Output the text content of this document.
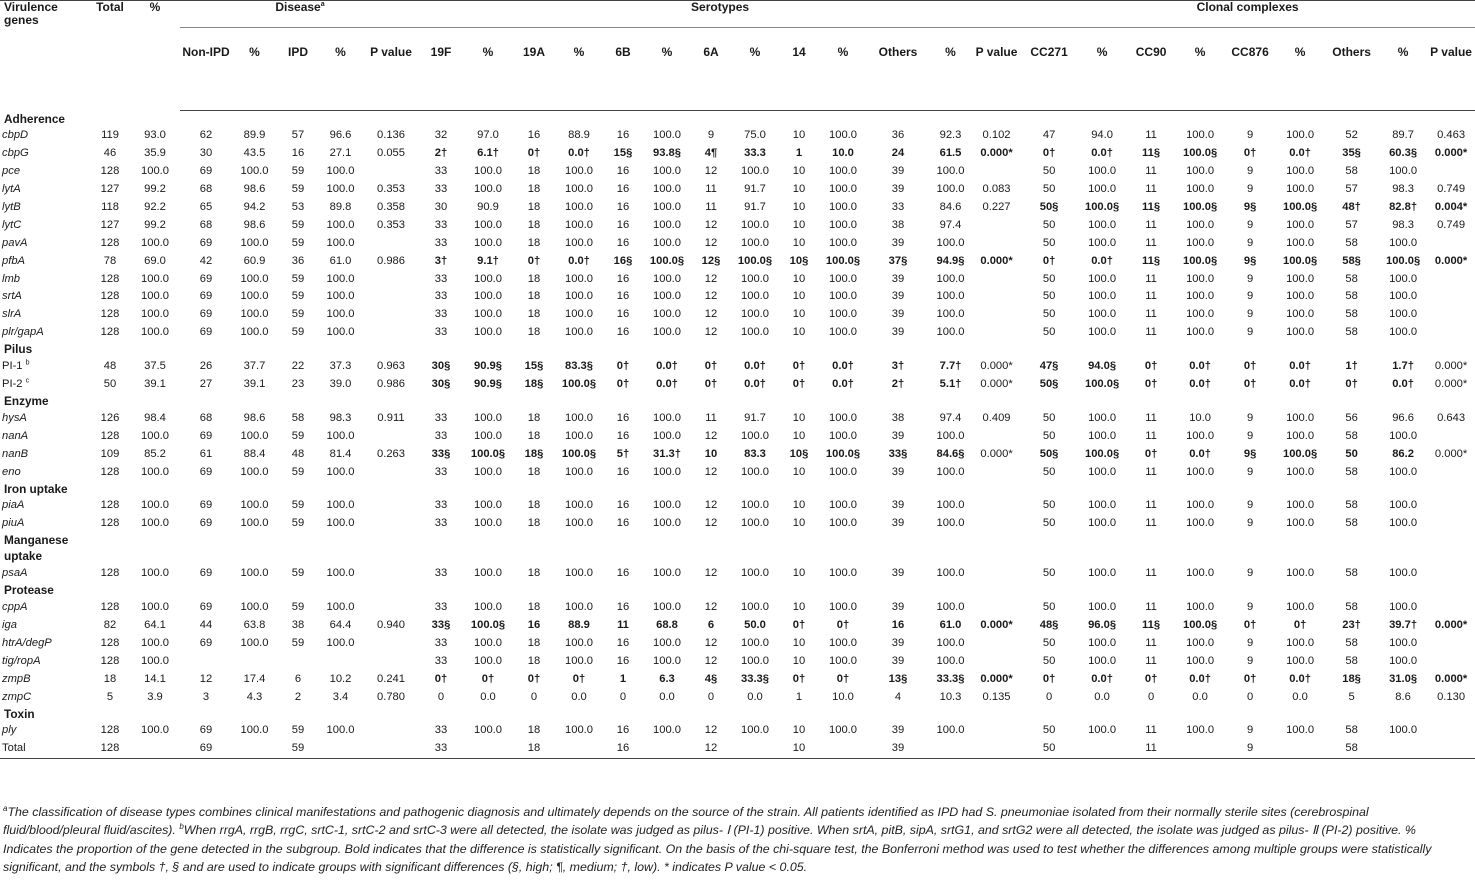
Virulence genes	Total	%	Disease$^a$					Serotypes													Clonal complexes								
			Non-IPD	%	IPD	%	P value	19F	%	19A	%	6B	%	6A	%	14	%	Others	%	P value	CC271	%	CC90	%	CC876	%	Others	%	P value
Adherence																													
cbpD	119	93.0	62	89.9	57	96.6	0.136	32	97.0	16	88.9	16	100.0	9	75.0	10	100.0	36	92.3	0.102	47	94.0	11	100.0	9	100.0	52	89.7	0.463
cbpG	46	35.9	30	43.5	16	27.1	0.055	2†	6.1†	0†	0.0†	15§	93.8§	4¶	33.3	1	10.0	24	61.5	0.000*	0†	0.0†	11§	100.0§	0†	0.0†	35§	60.3§	0.000*
pce	128	100.0	69	100.0	59	100.0		33	100.0	18	100.0	16	100.0	12	100.0	10	100.0	39	100.0		50	100.0	11	100.0	9	100.0	58	100.0	
lytA	127	99.2	68	98.6	59	100.0	0.353	33	100.0	18	100.0	16	100.0	11	91.7	10	100.0	39	100.0	0.083	50	100.0	11	100.0	9	100.0	57	98.3	0.749
lytB	118	92.2	65	94.2	53	89.8	0.358	30	90.9	18	100.0	16	100.0	11	91.7	10	100.0	33	84.6	0.227	50§	100.0§	11§	100.0§	9§	100.0§	48†	82.8†	0.004*
lytC	127	99.2	68	98.6	59	100.0	0.353	33	100.0	18	100.0	16	100.0	12	100.0	10	100.0	38	97.4		50	100.0	11	100.0	9	100.0	57	98.3	0.749
pavA	128	100.0	69	100.0	59	100.0		33	100.0	18	100.0	16	100.0	12	100.0	10	100.0	39	100.0		50	100.0	11	100.0	9	100.0	58	100.0	
pfbA	78	69.0	42	60.9	36	61.0	0.986	3†	9.1†	0†	0.0†	16§	100.0§	12§	100.0§	10§	100.0§	37§	94.9§	0.000*	0†	0.0†	11§	100.0§	9§	100.0§	58§	100.0§	0.000*
lmb	128	100.0	69	100.0	59	100.0		33	100.0	18	100.0	16	100.0	12	100.0	10	100.0	39	100.0		50	100.0	11	100.0	9	100.0	58	100.0	
srtA	128	100.0	69	100.0	59	100.0		33	100.0	18	100.0	16	100.0	12	100.0	10	100.0	39	100.0		50	100.0	11	100.0	9	100.0	58	100.0	
slrA	128	100.0	69	100.0	59	100.0		33	100.0	18	100.0	16	100.0	12	100.0	10	100.0	39	100.0		50	100.0	11	100.0	9	100.0	58	100.0	
plr/gapA	128	100.0	69	100.0	59	100.0		33	100.0	18	100.0	16	100.0	12	100.0	10	100.0	39	100.0		50	100.0	11	100.0	9	100.0	58	100.0	
Pilus																													
PI-1 $^b$	48	37.5	26	37.7	22	37.3	0.963	30§	90.9§	15§	83.3§	0†	0.0†	0†	0.0†	0†	0.0†	3†	7.7†	0.000*	47§	94.0§	0†	0.0†	0†	0.0†	1†	1.7†	0.000*
PI-2 $^c$	50	39.1	27	39.1	23	39.0	0.986	30§	90.9§	18§	100.0§	0†	0.0†	0†	0.0†	0†	0.0†	2†	5.1†	0.000*	50§	100.0§	0†	0.0†	0†	0.0†	0†	0.0†	0.000*
Enzyme																													
hysA	126	98.4	68	98.6	58	98.3	0.911	33	100.0	18	100.0	16	100.0	11	91.7	10	100.0	38	97.4	0.409	50	100.0	11	10.0	9	100.0	56	96.6	0.643
nanA	128	100.0	69	100.0	59	100.0		33	100.0	18	100.0	16	100.0	12	100.0	10	100.0	39	100.0		50	100.0	11	100.0	9	100.0	58	100.0	
nanB	109	85.2	61	88.4	48	81.4	0.263	33§	100.0§	18§	100.0§	5†	31.3†	10	83.3	10§	100.0§	33§	84.6§	0.000*	50§	100.0§	0†	0.0†	9§	100.0§	50	86.2	0.000*
eno	128	100.0	69	100.0	59	100.0		33	100.0	18	100.0	16	100.0	12	100.0	10	100.0	39	100.0		50	100.0	11	100.0	9	100.0	58	100.0	
Iron uptake																													
piaA	128	100.0	69	100.0	59	100.0		33	100.0	18	100.0	16	100.0	12	100.0	10	100.0	39	100.0		50	100.0	11	100.0	9	100.0	58	100.0	
piuA	128	100.0	69	100.0	59	100.0		33	100.0	18	100.0	16	100.0	12	100.0	10	100.0	39	100.0		50	100.0	11	100.0	9	100.0	58	100.0	
Manganese																													
uptake																													
psaA	128	100.0	69	100.0	59	100.0		33	100.0	18	100.0	16	100.0	12	100.0	10	100.0	39	100.0		50	100.0	11	100.0	9	100.0	58	100.0	
Protease																													
cppA	128	100.0	69	100.0	59	100.0		33	100.0	18	100.0	16	100.0	12	100.0	10	100.0	39	100.0		50	100.0	11	100.0	9	100.0	58	100.0	
iga	82	64.1	44	63.8	38	64.4	0.940	33§	100.0§	16	88.9	11	68.8	6	50.0	0†	0†	16	61.0	0.000*	48§	96.0§	11§	100.0§	0†	0†	23†	39.7†	0.000*
htrA/degP	128	100.0	69	100.0	59	100.0		33	100.0	18	100.0	16	100.0	12	100.0	10	100.0	39	100.0		50	100.0	11	100.0	9	100.0	58	100.0	
tig/ropA	128	100.0						33	100.0	18	100.0	16	100.0	12	100.0	10	100.0	39	100.0		50	100.0	11	100.0	9	100.0	58	100.0	
zmpB	18	14.1	12	17.4	6	10.2	0.241	0†	0†	0†	0†	1	6.3	4§	33.3§	0†	0†	13§	33.3§	0.000*	0†	0.0†	0†	0.0†	0†	0.0†	18§	31.0§	0.000*
zmpC	5	3.9	3	4.3	2	3.4	0.780	0	0.0	0	0.0	0	0.0	0	0.0	1	10.0	4	10.3	0.135	0	0.0	0	0.0	0	0.0	5	8.6	0.130
Toxin																													
ply	128	100.0	69	100.0	59	100.0		33	100.0	18	100.0	16	100.0	12	100.0	10	100.0	39	100.0		50	100.0	11	100.0	9	100.0	58	100.0	
Total	128		69		59			33		18		16		12		10		39			50		11		9		58		
$^a$The classification of disease types combines clinical manifestations and pathogenic diagnosis and ultimately depends on the source of the strain. All patients identified as IPD had S. pneumoniae isolated from their normally sterile sites (cerebrospinal fluid/blood/pleural fluid/ascites). $^b$When rrgA, rrgB, rrgC, srtC-1, srtC-2 and srtC-3 were all detected, the isolate was judged as pilus- Ⅰ (PI-1) positive. When srtA, pitB, sipA, srtG1, and srtG2 were all detected, the isolate was judged as pilus- Ⅱ (PI-2) positive. % Indicates the proportion of the gene detected in the subgroup. Bold indicates that the difference is statistically significant. On the basis of the chi-square test, the Bonferroni method was used to test whether the differences among multiple groups were statistically significant, and the symbols †, § and are used to indicate groups with significant differences (§, high; ¶, medium; †, low). * indicates P value < 0.05.
